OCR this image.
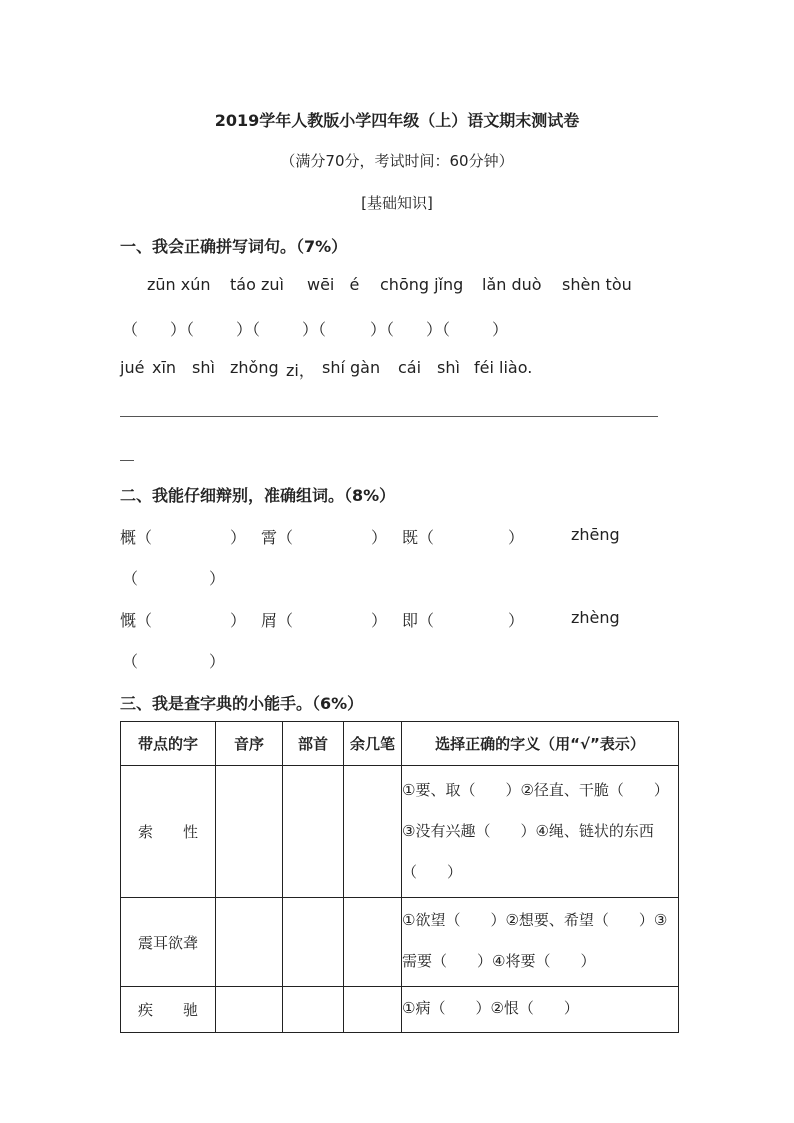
2019学年人教版小学四年级（上）语文期末测试卷
（满分70分，考试时间：60分钟）
[基础知识]
一、我会正确拼写词句。（7%）
zūn xún táo zuì wēi é chōng jǐng lǎn duò shèn tòu
（ ）（	）（	）（	）（ ）（	）
jué xīn shì zhǒng zi， shí gàn cái shì féi liào.
二、我能仔细辩别，准确组词。（8%）
概（	） 霄（	） 既（	）	zhēng
（	）
慨（	） 屑（	） 即（	）	zhèng
（	）
三、我是查字典的小能手。（6%）
带点的字	音序	部首	余几笔	选择正确的字义（用“√”表示）
索　　性				①要、取（　　）②径直、干脆（　　）③没有兴趣（　　）④绳、链状的东西（　　）
震耳欲聋				①欲望（　　）②想要、希望（　　）③需要（　　）④将要（　　）
疾　　驰				①病（　　）②恨（　　）
